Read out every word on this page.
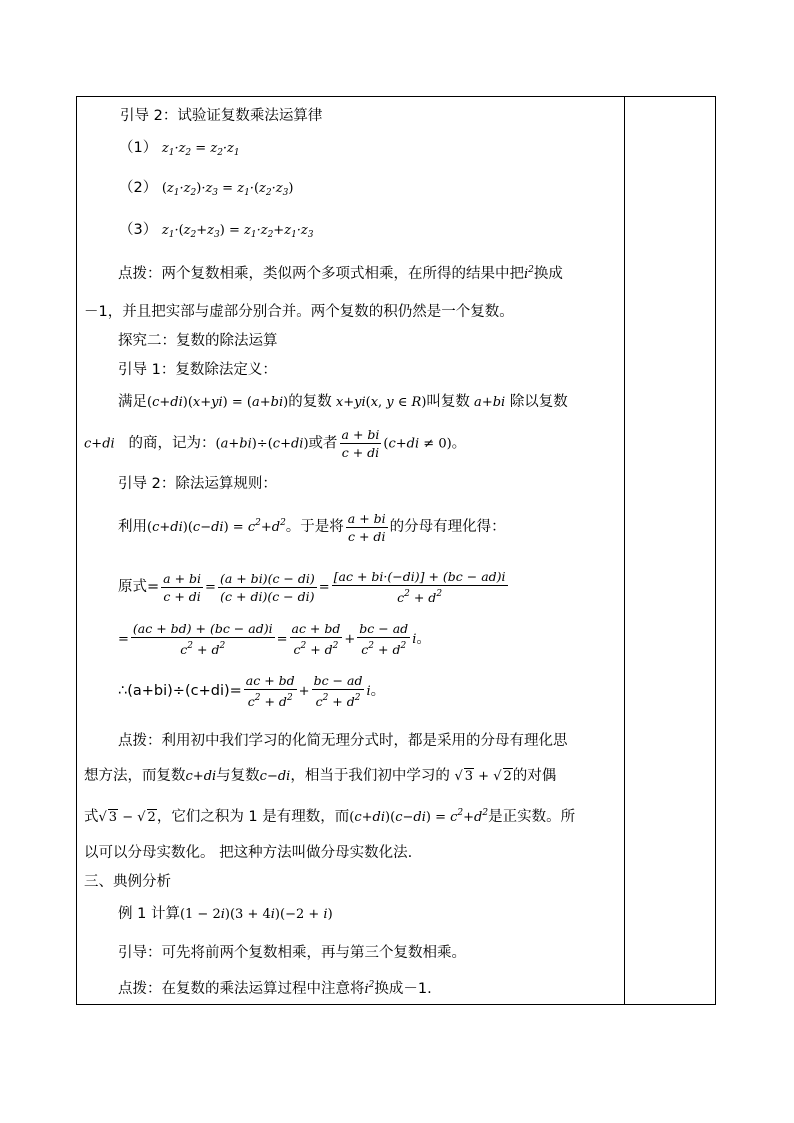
引导 2：试验证复数乘法运算律
（1） $z_1\cdot z_2 = z_2\cdot z_1$
（2） $(z_1\cdot z_2)\cdot z_3 = z_1\cdot(z_2\cdot z_3)$
（3） $z_1\cdot(z_2+z_3) = z_1\cdot z_2+z_1\cdot z_3$
点拨：两个复数相乘，类似两个多项式相乘，在所得的结果中把$i^2$换成
－1，并且把实部与虚部分别合并。两个复数的积仍然是一个复数。
探究二：复数的除法运算
引导 1：复数除法定义：
满足(c+di)(x+yi) = (a+bi)的复数 x+yi(x, y ∈ R)叫复数 a+bi 除以复数
c+di 的商，记为：(a+bi)÷(c+di)或者 $\frac{a + bi}{c + di} (c+di \ne 0)$。
引导 2：除法运算规则：
利用$(c+di)(c-di) = c^2+d^2$。于是将 $\frac{a + bi}{c + di}$ 的分母有理化得：
原式= $\frac{a + bi}{c + di} = \frac{(a + bi)(c - di)}{(c + di)(c - di)} = \frac{[ac + bi\cdot(-di)] + (bc - ad)i}{c^2 + d^2}$
= $\frac{(ac + bd) + (bc - ad)i}{c^2 + d^2} = \frac{ac + bd}{c^2 + d^2} + \frac{bc - ad}{c^2 + d^2}$ i。
∴(a+bi)÷(c+di)= $\frac{ac + bd}{c^2 + d^2} + \frac{bc - ad}{c^2 + d^2}$ i。
点拨：利用初中我们学习的化简无理分式时，都是采用的分母有理化思
想方法，而复数c+di与复数c−di，相当于我们初中学习的 √ 3 + √ 2的对偶
式√ 3 − √ 2，它们之积为 1 是有理数，而$(c+di)(c-di) = c^2+d^2$是正实数。所
以可以分母实数化。 把这种方法叫做分母实数化法.
三、典例分析
例 1 计算(1 − 2i)(3 + 4i)(−2 + i)
引导：可先将前两个复数相乘，再与第三个复数相乘。
点拨：在复数的乘法运算过程中注意将$i^2$换成－1.
